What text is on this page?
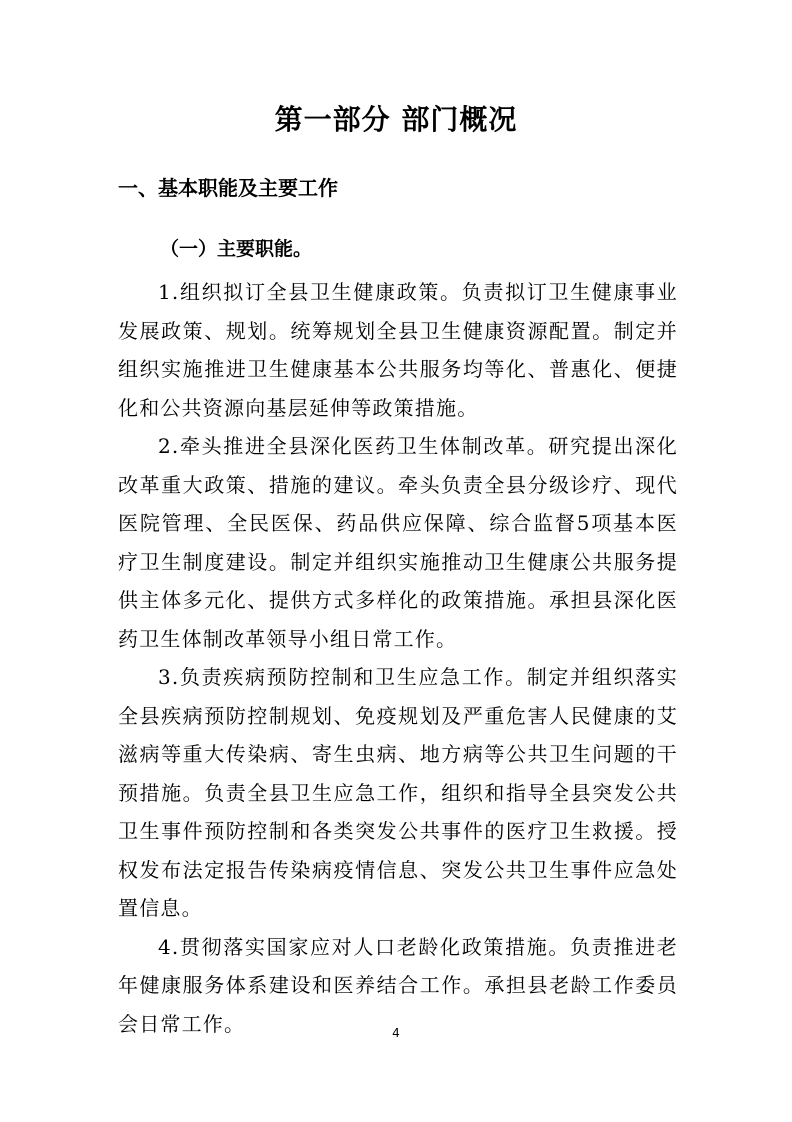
第一部分 部门概况
一、基本职能及主要工作
（一）主要职能。

1.组织拟订全县卫生健康政策。负责拟订卫生健康事业发展政策、规划。统筹规划全县卫生健康资源配置。制定并组织实施推进卫生健康基本公共服务均等化、普惠化、便捷化和公共资源向基层延伸等政策措施。

2.牵头推进全县深化医药卫生体制改革。研究提出深化改革重大政策、措施的建议。牵头负责全县分级诊疗、现代医院管理、全民医保、药品供应保障、综合监督5项基本医疗卫生制度建设。制定并组织实施推动卫生健康公共服务提供主体多元化、提供方式多样化的政策措施。承担县深化医药卫生体制改革领导小组日常工作。

3.负责疾病预防控制和卫生应急工作。制定并组织落实全县疾病预防控制规划、免疫规划及严重危害人民健康的艾滋病等重大传染病、寄生虫病、地方病等公共卫生问题的干预措施。负责全县卫生应急工作，组织和指导全县突发公共卫生事件预防控制和各类突发公共事件的医疗卫生救援。授权发布法定报告传染病疫情信息、突发公共卫生事件应急处置信息。

4.贯彻落实国家应对人口老龄化政策措施。负责推进老年健康服务体系建设和医养结合工作。承担县老龄工作委员会日常工作。	4
